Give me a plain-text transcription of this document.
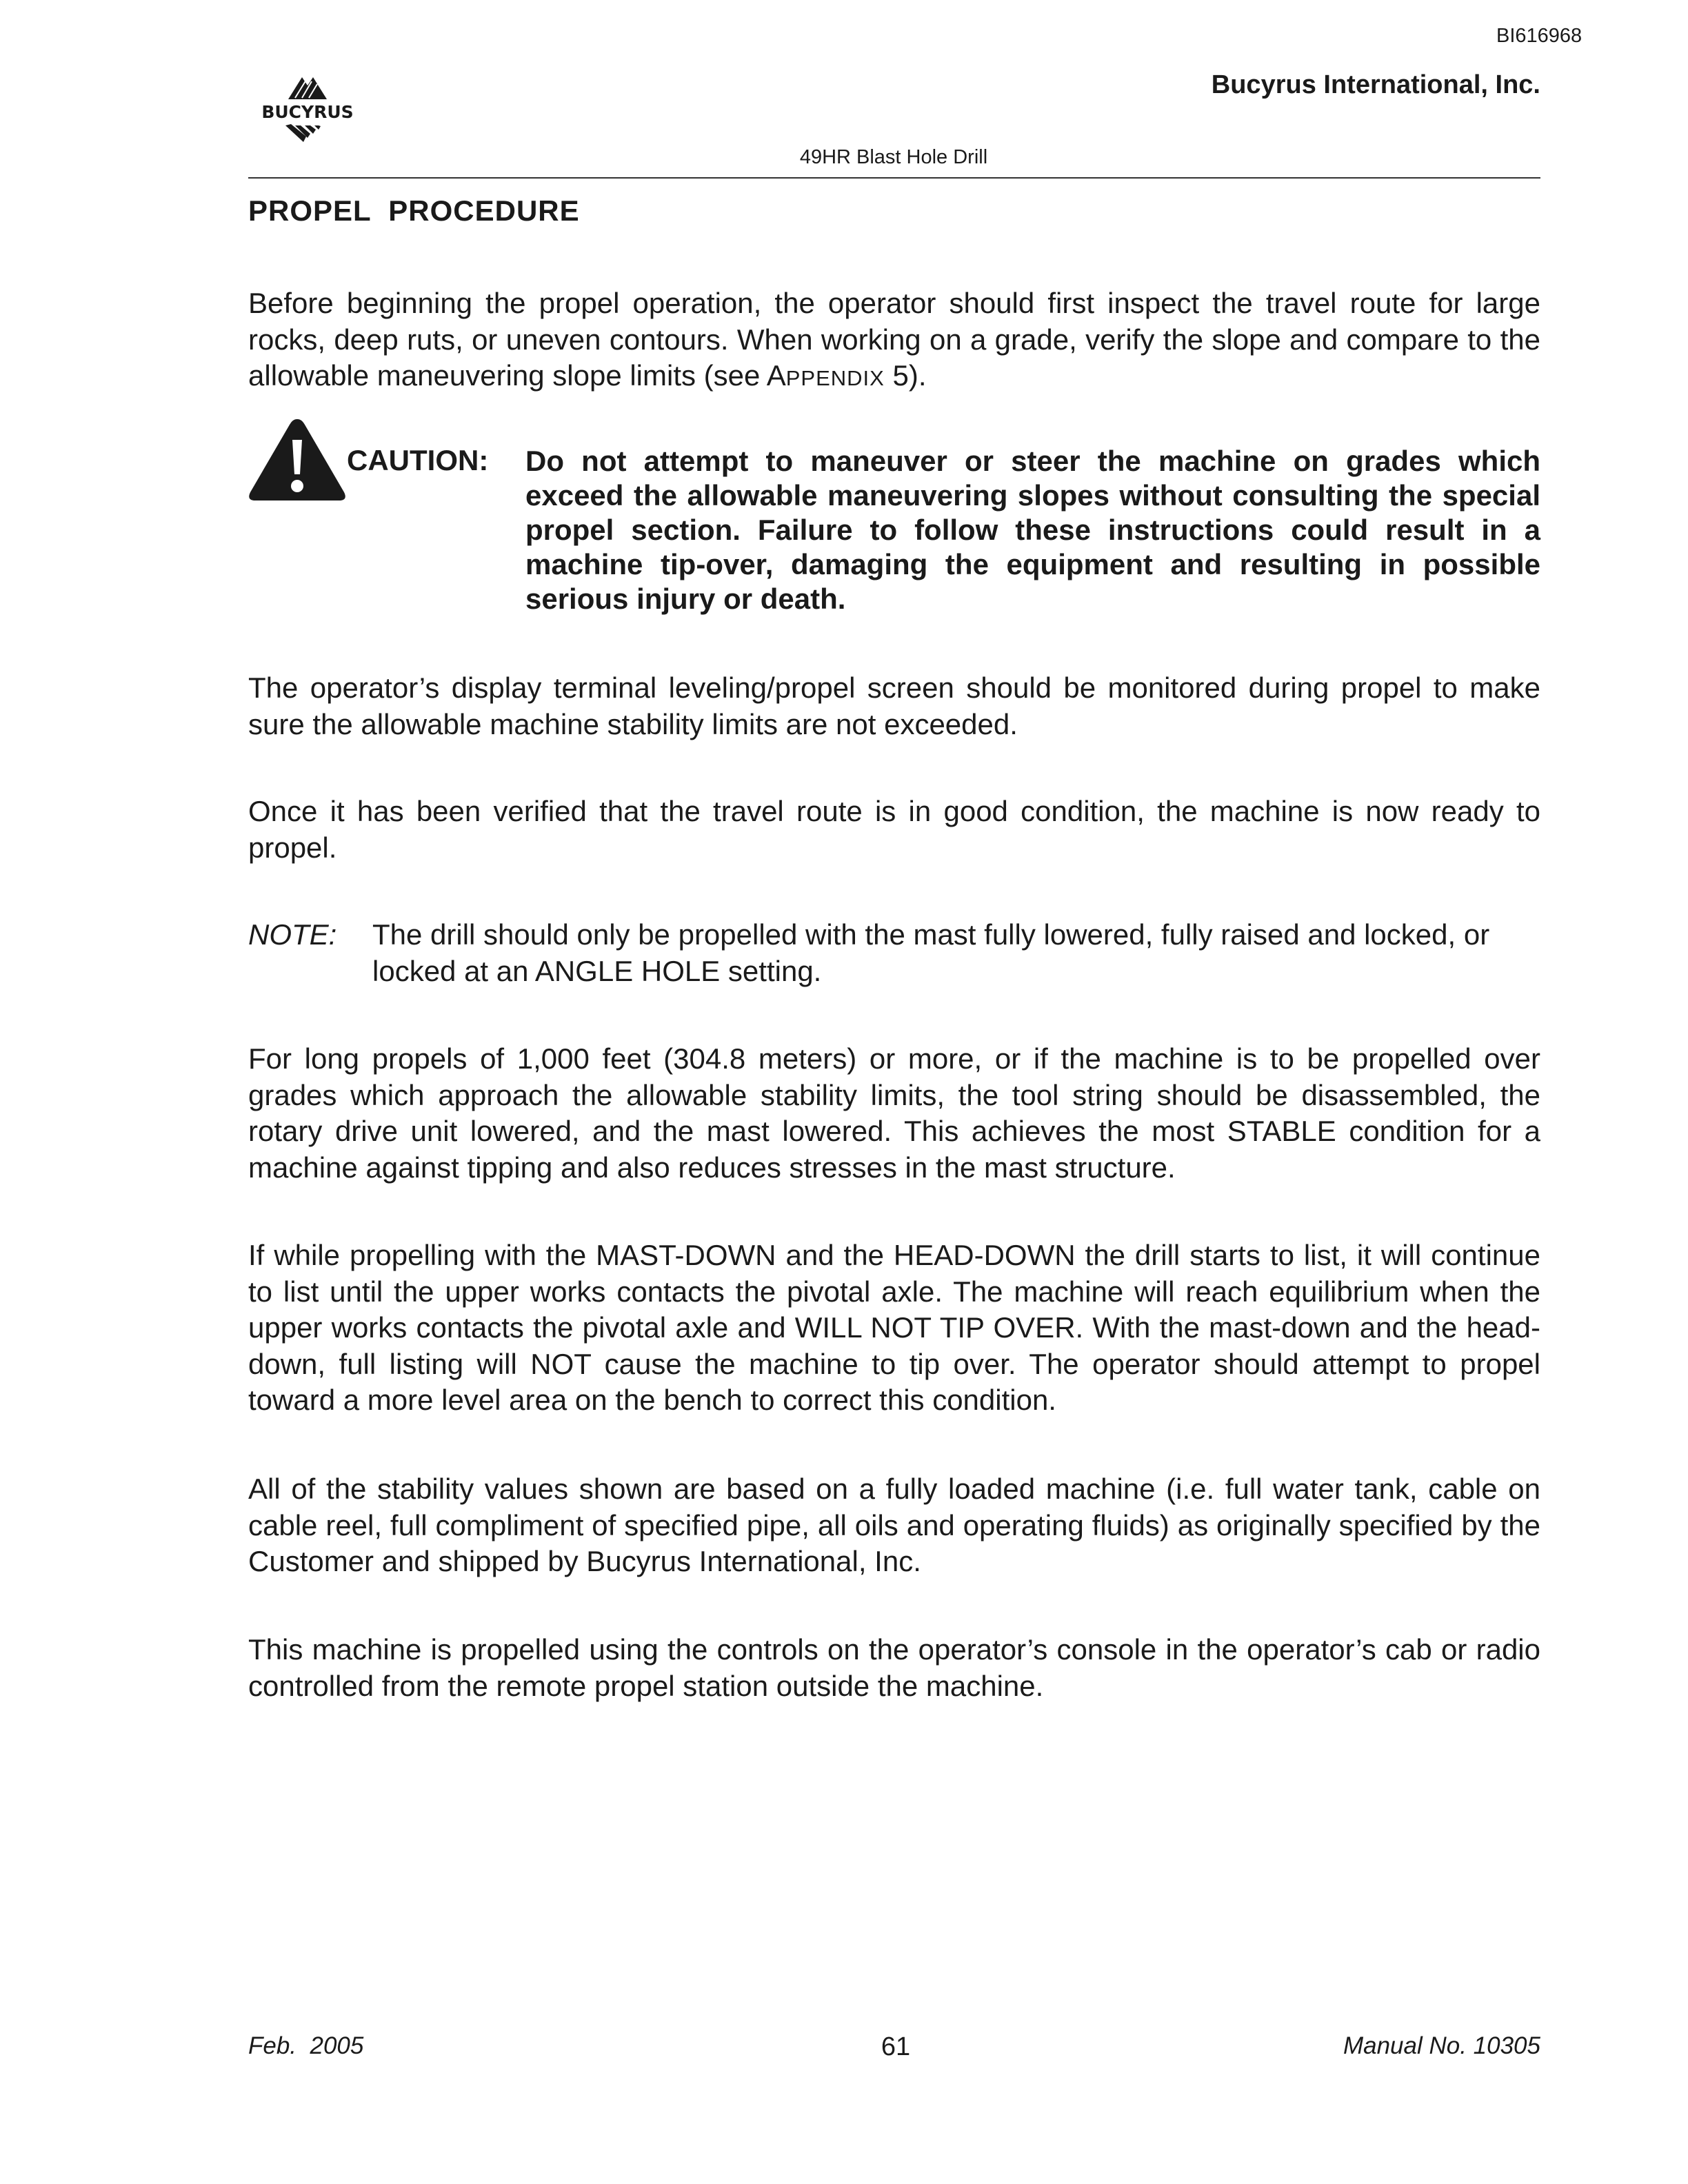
BI616968
BUCYRUS
Bucyrus International, Inc.
49HR Blast Hole Drill
PROPEL  PROCEDURE
Before beginning the propel operation, the operator should first inspect the travel route for large rocks, deep ruts, or uneven contours. When working on a grade, verify the slope and compare to the allowable maneuvering slope limits (see APPENDIX 5).
CAUTION: Do not attempt to maneuver or steer the machine on grades which exceed the allowable maneuvering slopes without consulting the special propel section. Failure to follow these instructions could result in a machine tip-over, damaging the equipment and resulting in possible serious injury or death.
The operator’s display terminal leveling/propel screen should be monitored during propel to make sure the allowable machine stability limits are not exceeded.
Once it has been verified that the travel route is in good condition, the machine is now ready to propel.
NOTE: The drill should only be propelled with the mast fully lowered, fully raised and locked, or locked at an ANGLE HOLE setting.
For long propels of 1,000 feet (304.8 meters) or more, or if the machine is to be propelled over grades which approach the allowable stability limits, the tool string should be disassembled, the rotary drive unit lowered, and the mast lowered. This achieves the most STABLE condition for a machine against tipping and also reduces stresses in the mast structure.
If while propelling with the MAST-DOWN and the HEAD-DOWN the drill starts to list, it will continue to list until the upper works contacts the pivotal axle. The machine will reach equilibrium when the upper works contacts the pivotal axle and WILL NOT TIP OVER. With the mast-down and the head-down, full listing will NOT cause the machine to tip over. The operator should attempt to propel toward a more level area on the bench to correct this condition.
All of the stability values shown are based on a fully loaded machine (i.e. full water tank, cable on cable reel, full compliment of specified pipe, all oils and operating fluids) as originally specified by the Customer and shipped by Bucyrus International, Inc.
This machine is propelled using the controls on the operator’s console in the operator’s cab or radio controlled from the remote propel station outside the machine.
Feb.  2005	61	Manual No. 10305
